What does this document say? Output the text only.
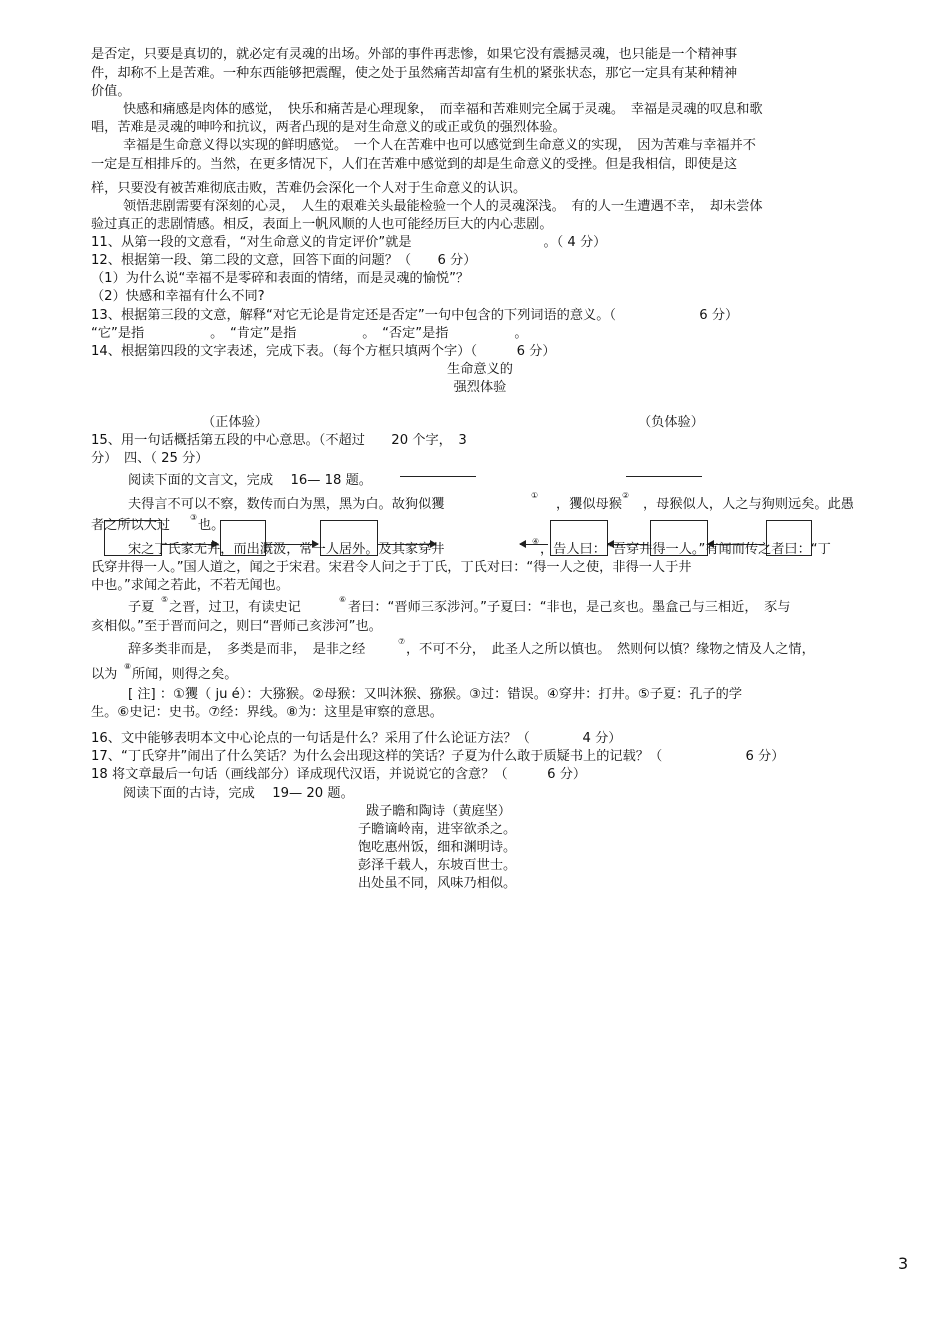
是否定，只要是真切的，就必定有灵魂的出场。外部的事件再悲惨，如果它没有震撼灵魂，也只能是一个精神事
件，却称不上是苦难。一种东西能够把震醒，使之处于虽然痛苦却富有生机的紧张状态，那它一定具有某种精神
价值。
快感和痛感是肉体的感觉，　快乐和痛苦是心理现象，　而幸福和苦难则完全属于灵魂。　幸福是灵魂的叹息和歌
唱，苦难是灵魂的呻吟和抗议，两者凸现的是对生命意义的或正或负的强烈体验。
幸福是生命意义得以实现的鲜明感觉。　一个人在苦难中也可以感觉到生命意义的实现，　因为苦难与幸福并不
一定是互相排斥的。当然，在更多情况下，人们在苦难中感觉到的却是生命意义的受挫。但是我相信，即使是这
样，只要没有被苦难彻底击败，苦难仍会深化一个人对于生命意义的认识。
领悟悲剧需要有深刻的心灵，　人生的艰难关头最能检验一个人的灵魂深浅。　有的人一生遭遇不幸，　却未尝体
验过真正的悲剧情感。相反，表面上一帆风顺的人也可能经历巨大的内心悲剧。
11、从第一段的文意看，“对生命意义的肯定评价”就是　　　　　　　　　　。（ 4 分）
12、根据第一段、第二段的文意，回答下面的问题？（　　6 分）
（1）为什么说“幸福不是零碎和表面的情绪，而是灵魂的愉悦”？
（2）快感和幸福有什么不同?
13、根据第三段的文意，解释“对它无论是肯定还是否定”一句中包含的下列词语的意义。（　　　　　　 6 分）
“它”是指　　　　　。　“肯定”是指　　　　　。　“否定”是指　　　　　。
14、根据第四段的文字表述，完成下表。（每个方框只填两个字）（　　　6 分）
生命意义的
强烈体验
（正体验）	（负体验）
15、用一句话概括第五段的中心意思。（不超过　　20 个字，　3
分）　四、（ 25 分）
阅读下面的文言文，完成　 16— 18 题。
夫得言不可以不察，数传而白为黑，黑为白。故狗似玃
①
，玃似母猴
②
，母猴似人，人之与狗则远矣。此愚
者之所以大过
③
也。
宋之丁氏家无井，而出溉汲，常一人居外。及其家穿井
④
，告人曰：“吾穿井得一人。”有闻而传之者曰：“丁
氏穿井得一人。”国人道之，闻之于宋君。宋君令人问之于丁氏，丁氏对曰：“得一人之使，非得一人于井
中也。”求闻之若此，不若无闻也。
子夏
⑤
之晋，过卫，有读史记
⑥
者曰：“晋师三豕涉河。”子夏曰：“非也，是己亥也。墨盒己与三相近，　豕与
亥相似。”至于晋而问之，则曰“晋师己亥涉河”也。
辞多类非而是，　多类是而非，　是非之经
⑦
，不可不分，　此圣人之所以慎也。　然则何以慎？缘物之情及人之情，
以为
⑧
所闻，则得之矣。
[ 注] ：①玃（ ju é）：大猕猴。②母猴：又叫沐猴、猕猴。③过：错误。④穿井：打井。⑤子夏：孔子的学
生。⑥史记：史书。⑦经：界线。⑧为：这里是审察的意思。
16、文中能够表明本文中心论点的一句话是什么？采用了什么论证方法？（　　　　4 分）
17、“丁氏穿井”闹出了什么笑话？为什么会出现这样的笑话？子夏为什么敢于质疑书上的记载？（　　　　　　 6 分）
18 将文章最后一句话（画线部分）译成现代汉语，并说说它的含意？（　　　6 分）
阅读下面的古诗，完成　 19— 20 题。
跋子瞻和陶诗（黄庭坚）
子瞻谪岭南，进宰欲杀之。
饱吃惠州饭，细和渊明诗。
彭泽千载人，东坡百世士。
出处虽不同，风味乃相似。
3
